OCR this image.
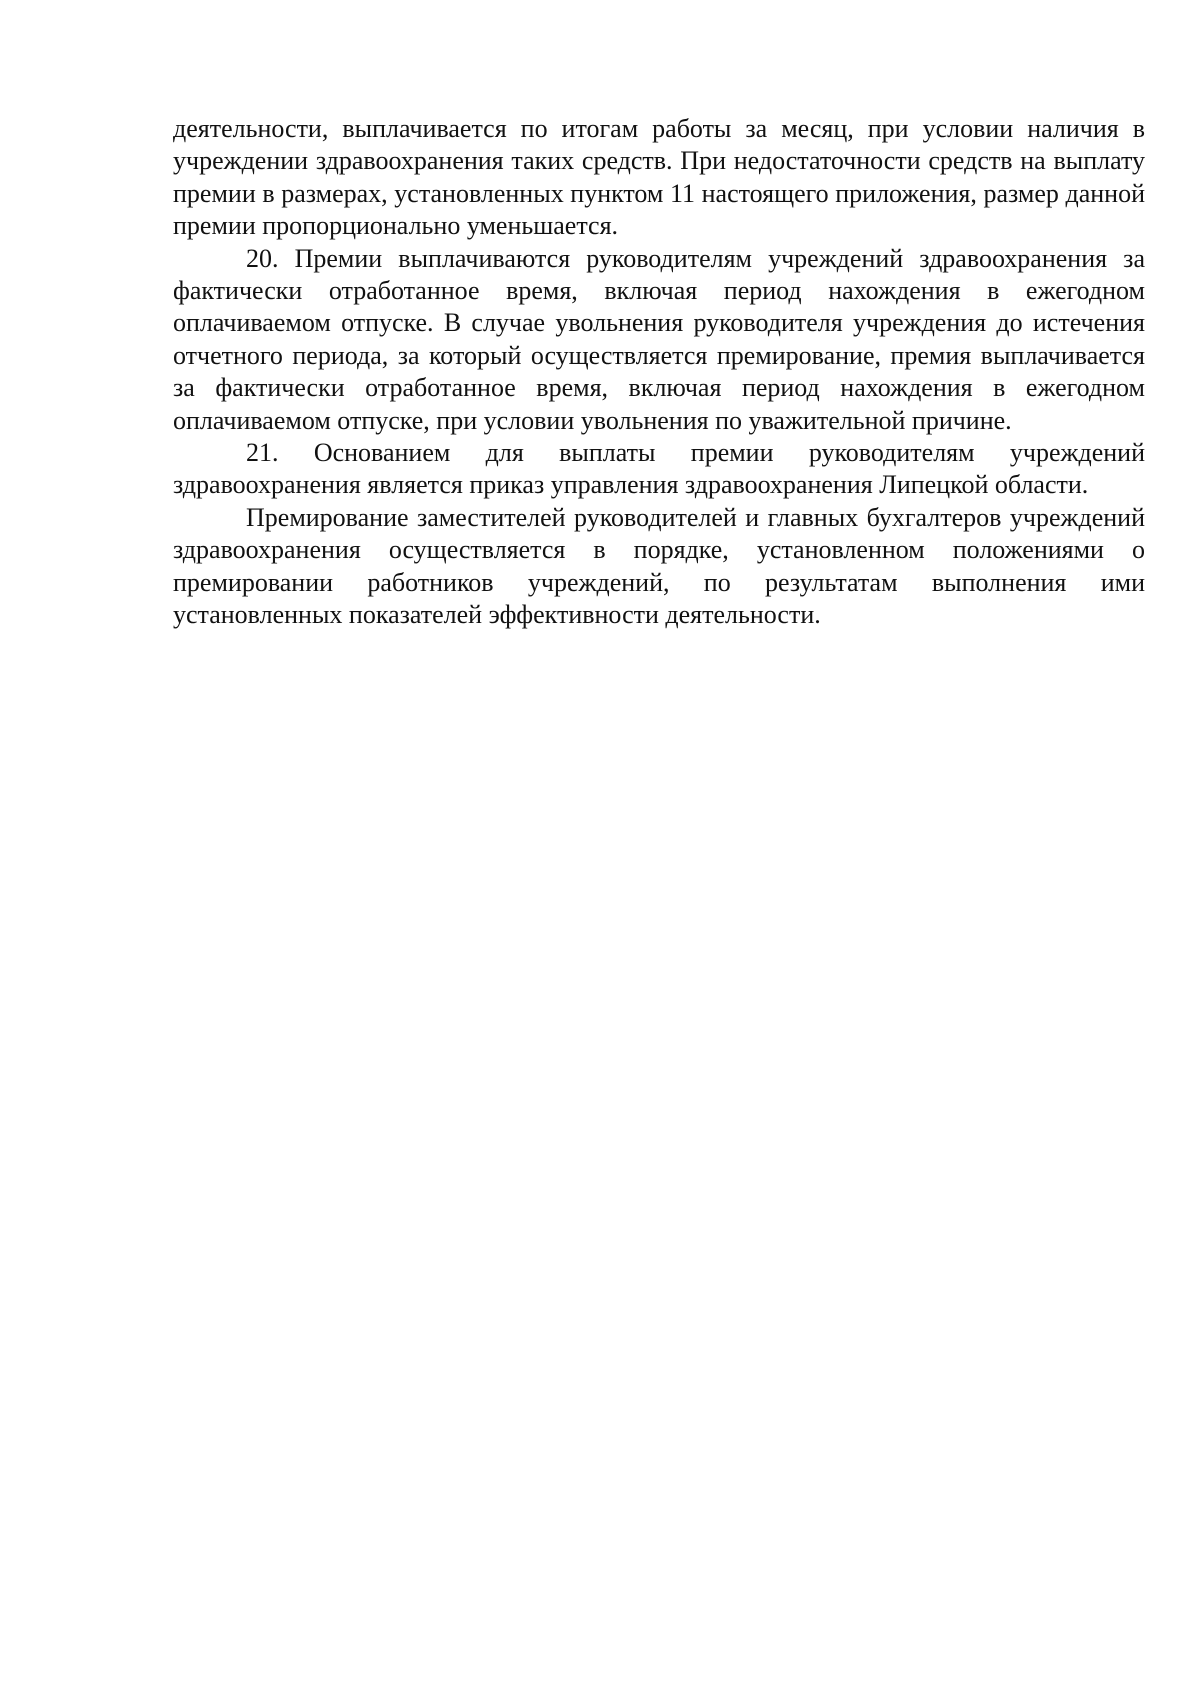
деятельности, выплачивается по итогам работы за месяц, при условии наличия в учреждении здравоохранения таких средств. При недостаточности средств на выплату премии в размерах, установленных пунктом 11 настоящего приложения, размер данной премии пропорционально уменьшается.

20. Премии выплачиваются руководителям учреждений здравоохранения за фактически отработанное время, включая период нахождения в ежегодном оплачиваемом отпуске. В случае увольнения руководителя учреждения до истечения отчетного периода, за который осуществляется премирование, премия выплачивается за фактически отработанное время, включая период нахождения в ежегодном оплачиваемом отпуске, при условии увольнения по уважительной причине.

21. Основанием для выплаты премии руководителям учреждений здравоохранения является приказ управления здравоохранения Липецкой области.

Премирование заместителей руководителей и главных бухгалтеров учреждений здравоохранения осуществляется в порядке, установленном положениями о премировании работников учреждений, по результатам выполнения ими установленных показателей эффективности деятельности.
